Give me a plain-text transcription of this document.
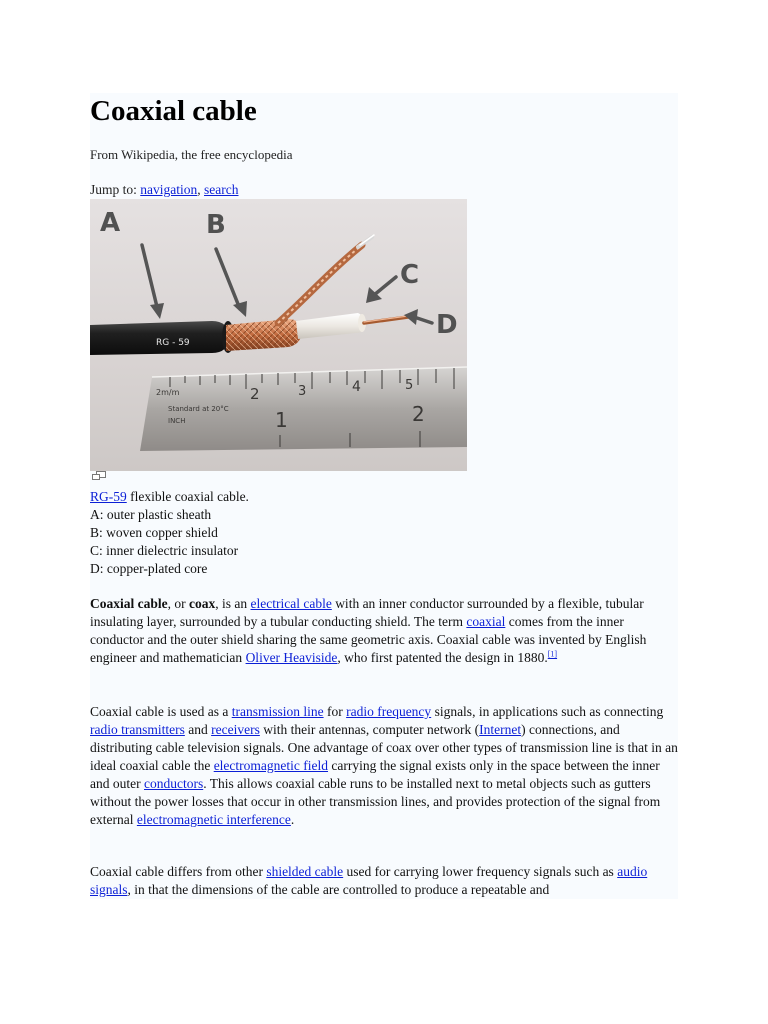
Coaxial cable
From Wikipedia, the free encyclopedia
Jump to: navigation, search
2	3	4	5
1	2
2m/m
Standard at 20°C
INCH
RG - 59
A	B
C
D
RG-59 flexible coaxial cable.
A: outer plastic sheath
B: woven copper shield
C: inner dielectric insulator
D: copper-plated core

Coaxial cable, or coax, is an electrical cable with an inner conductor surrounded by a flexible, tubular insulating layer, surrounded by a tubular conducting shield. The term coaxial comes from the inner conductor and the outer shield sharing the same geometric axis. Coaxial cable was invented by English engineer and mathematician Oliver Heaviside, who first patented the design in 1880.[1]

Coaxial cable is used as a transmission line for radio frequency signals, in applications such as connecting radio transmitters and receivers with their antennas, computer network (Internet) connections, and distributing cable television signals. One advantage of coax over other types of transmission line is that in an ideal coaxial cable the electromagnetic field carrying the signal exists only in the space between the inner and outer conductors. This allows coaxial cable runs to be installed next to metal objects such as gutters without the power losses that occur in other transmission lines, and provides protection of the signal from external electromagnetic interference.

Coaxial cable differs from other shielded cable used for carrying lower frequency signals such as audio signals, in that the dimensions of the cable are controlled to produce a repeatable and
